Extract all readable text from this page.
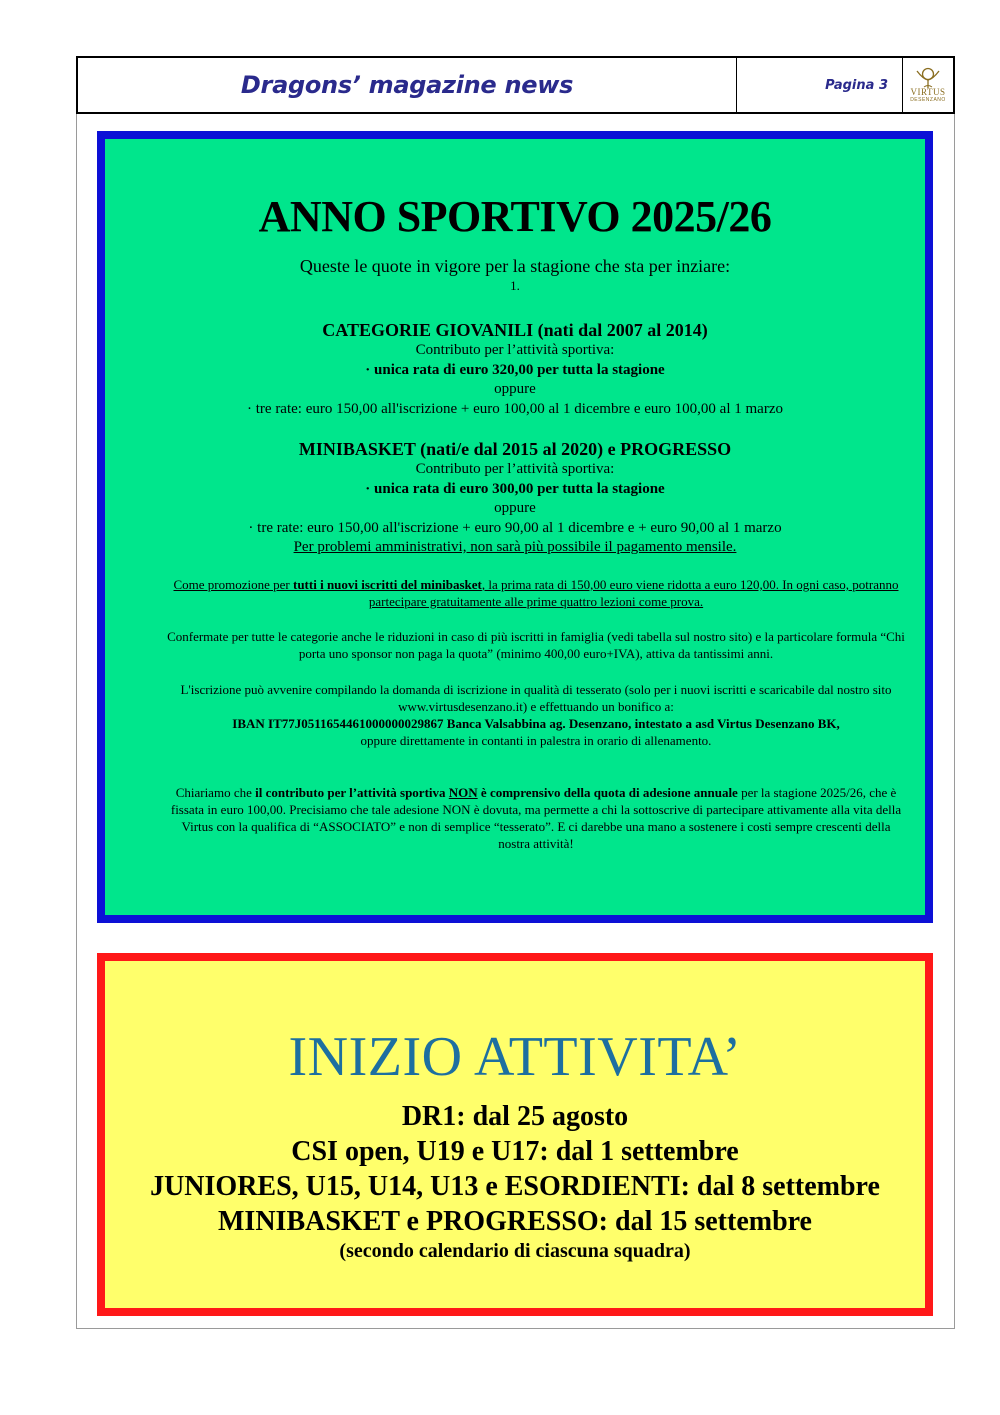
Dragons’ magazine news	Pagina 3	VIRTUS
DESENZANO
ANNO SPORTIVO 2025/26
Queste le quote in vigore per la stagione che sta per inziare:
1.
CATEGORIE GIOVANILI (nati dal 2007 al 2014)
Contributo per l’attività sportiva:
· unica rata di euro 320,00 per tutta la stagione
oppure
· tre rate: euro 150,00 all'iscrizione + euro 100,00 al 1 dicembre e euro 100,00 al 1 marzo
MINIBASKET (nati/e dal 2015 al 2020) e PROGRESSO
Contributo per l’attività sportiva:
· unica rata di euro 300,00 per tutta la stagione
oppure
· tre rate: euro 150,00 all'iscrizione + euro 90,00 al 1 dicembre e + euro 90,00 al 1 marzo
Per problemi amministrativi, non sarà più possibile il pagamento mensile.
Come promozione per tutti i nuovi iscritti del minibasket, la prima rata di 150,00 euro viene ridotta a euro 120,00. In ogni caso, potranno partecipare gratuitamente alle prime quattro lezioni come prova.
Confermate per tutte le categorie anche le riduzioni in caso di più iscritti in famiglia (vedi tabella sul nostro sito) e la particolare formula “Chi porta uno sponsor non paga la quota” (minimo 400,00 euro+IVA), attiva da tantissimi anni.
L'iscrizione può avvenire compilando la domanda di iscrizione in qualità di tesserato (solo per i nuovi iscritti e scaricabile dal nostro sito www.virtusdesenzano.it) e effettuando un bonifico a:
IBAN IT77J0511654461000000029867 Banca Valsabbina ag. Desenzano, intestato a asd Virtus Desenzano BK,
oppure direttamente in contanti in palestra in orario di allenamento.
Chiariamo che il contributo per l’attività sportiva NON è comprensivo della quota di adesione annuale per la stagione 2025/26, che è fissata in euro 100,00. Precisiamo che tale adesione NON è dovuta, ma permette a chi la sottoscrive di partecipare attivamente alla vita della Virtus con la qualifica di “ASSOCIATO” e non di semplice “tesserato”. E ci darebbe una mano a sostenere i costi sempre crescenti della nostra attività!
INIZIO ATTIVITA’
DR1: dal 25 agosto
CSI open, U19 e U17: dal 1 settembre
JUNIORES, U15, U14, U13 e ESORDIENTI: dal 8 settembre
MINIBASKET e PROGRESSO: dal 15 settembre
(secondo calendario di ciascuna squadra)
